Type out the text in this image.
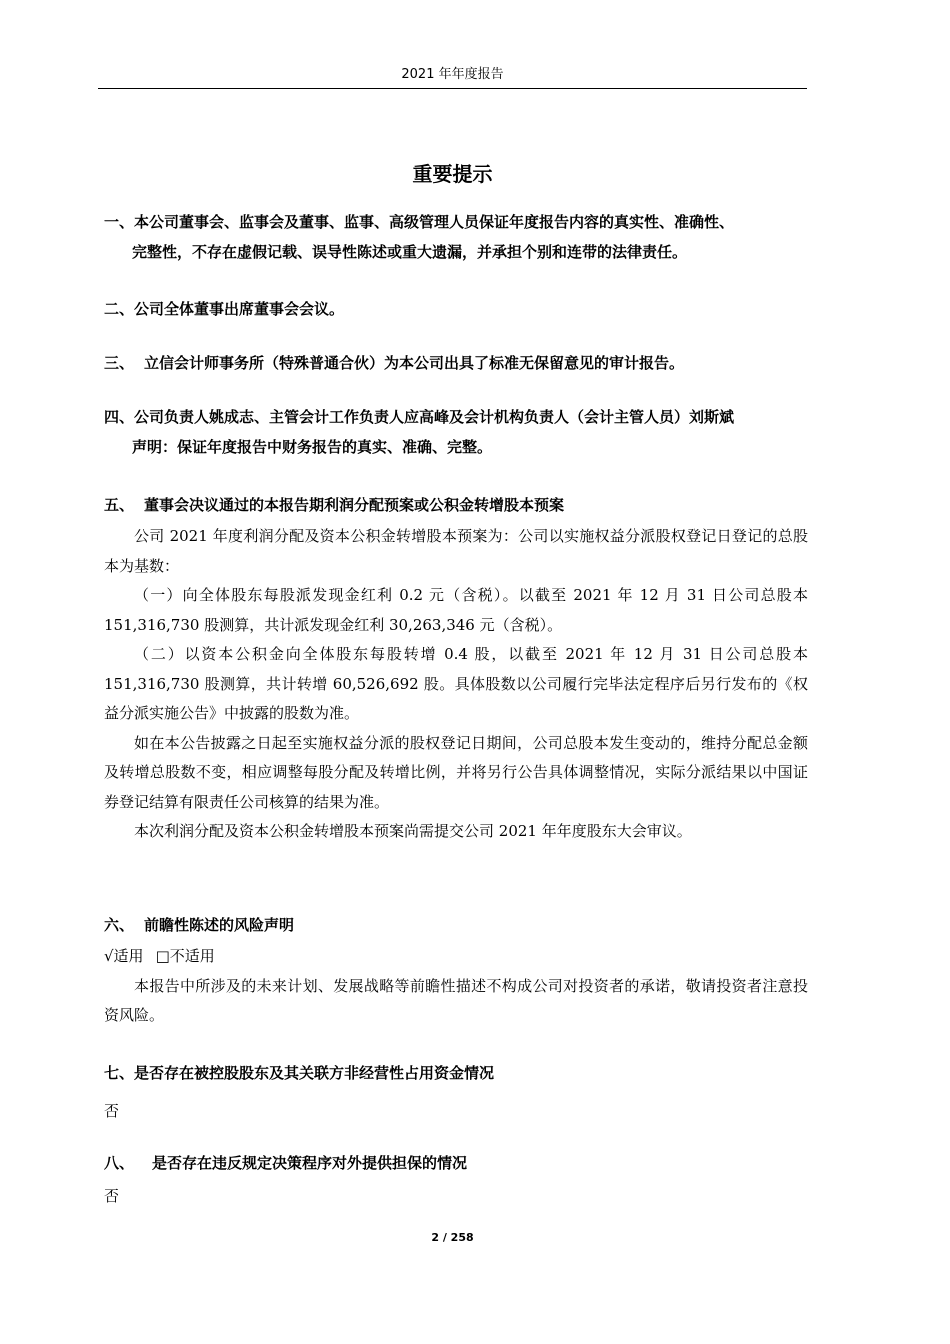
2021 年年度报告
重要提示
一、本公司董事会、监事会及董事、监事、高级管理人员保证年度报告内容的真实性、准确性、
完整性，不存在虚假记载、误导性陈述或重大遗漏，并承担个别和连带的法律责任。
二、公司全体董事出席董事会会议。
三、 立信会计师事务所（特殊普通合伙）为本公司出具了标准无保留意见的审计报告。
四、公司负责人姚成志、主管会计工作负责人应高峰及会计机构负责人（会计主管人员）刘斯斌
声明：保证年度报告中财务报告的真实、准确、完整。
五、 董事会决议通过的本报告期利润分配预案或公积金转增股本预案

公司 2021 年度利润分配及资本公积金转增股本预案为：公司以实施权益分派股权登记日登记的总股本为基数：

（一）向全体股东每股派发现金红利 0.2 元（含税）。以截至 2021 年 12 月 31 日公司总股本 151,316,730 股测算，共计派发现金红利 30,263,346 元（含税）。

（二）以资本公积金向全体股东每股转增 0.4 股，以截至 2021 年 12 月 31 日公司总股本 151,316,730 股测算，共计转增 60,526,692 股。具体股数以公司履行完毕法定程序后另行发布的《权益分派实施公告》中披露的股数为准。

如在本公告披露之日起至实施权益分派的股权登记日期间，公司总股本发生变动的，维持分配总金额及转增总股数不变，相应调整每股分配及转增比例，并将另行公告具体调整情况，实际分派结果以中国证券登记结算有限责任公司核算的结果为准。

本次利润分配及资本公积金转增股本预案尚需提交公司 2021 年年度股东大会审议。

六、 前瞻性陈述的风险声明
√适用 □不适用

本报告中所涉及的未来计划、发展战略等前瞻性描述不构成公司对投资者的承诺，敬请投资者注意投资风险。

七、是否存在被控股股东及其关联方非经营性占用资金情况
否
八、 是否存在违反规定决策程序对外提供担保的情况
否
2 / 258
